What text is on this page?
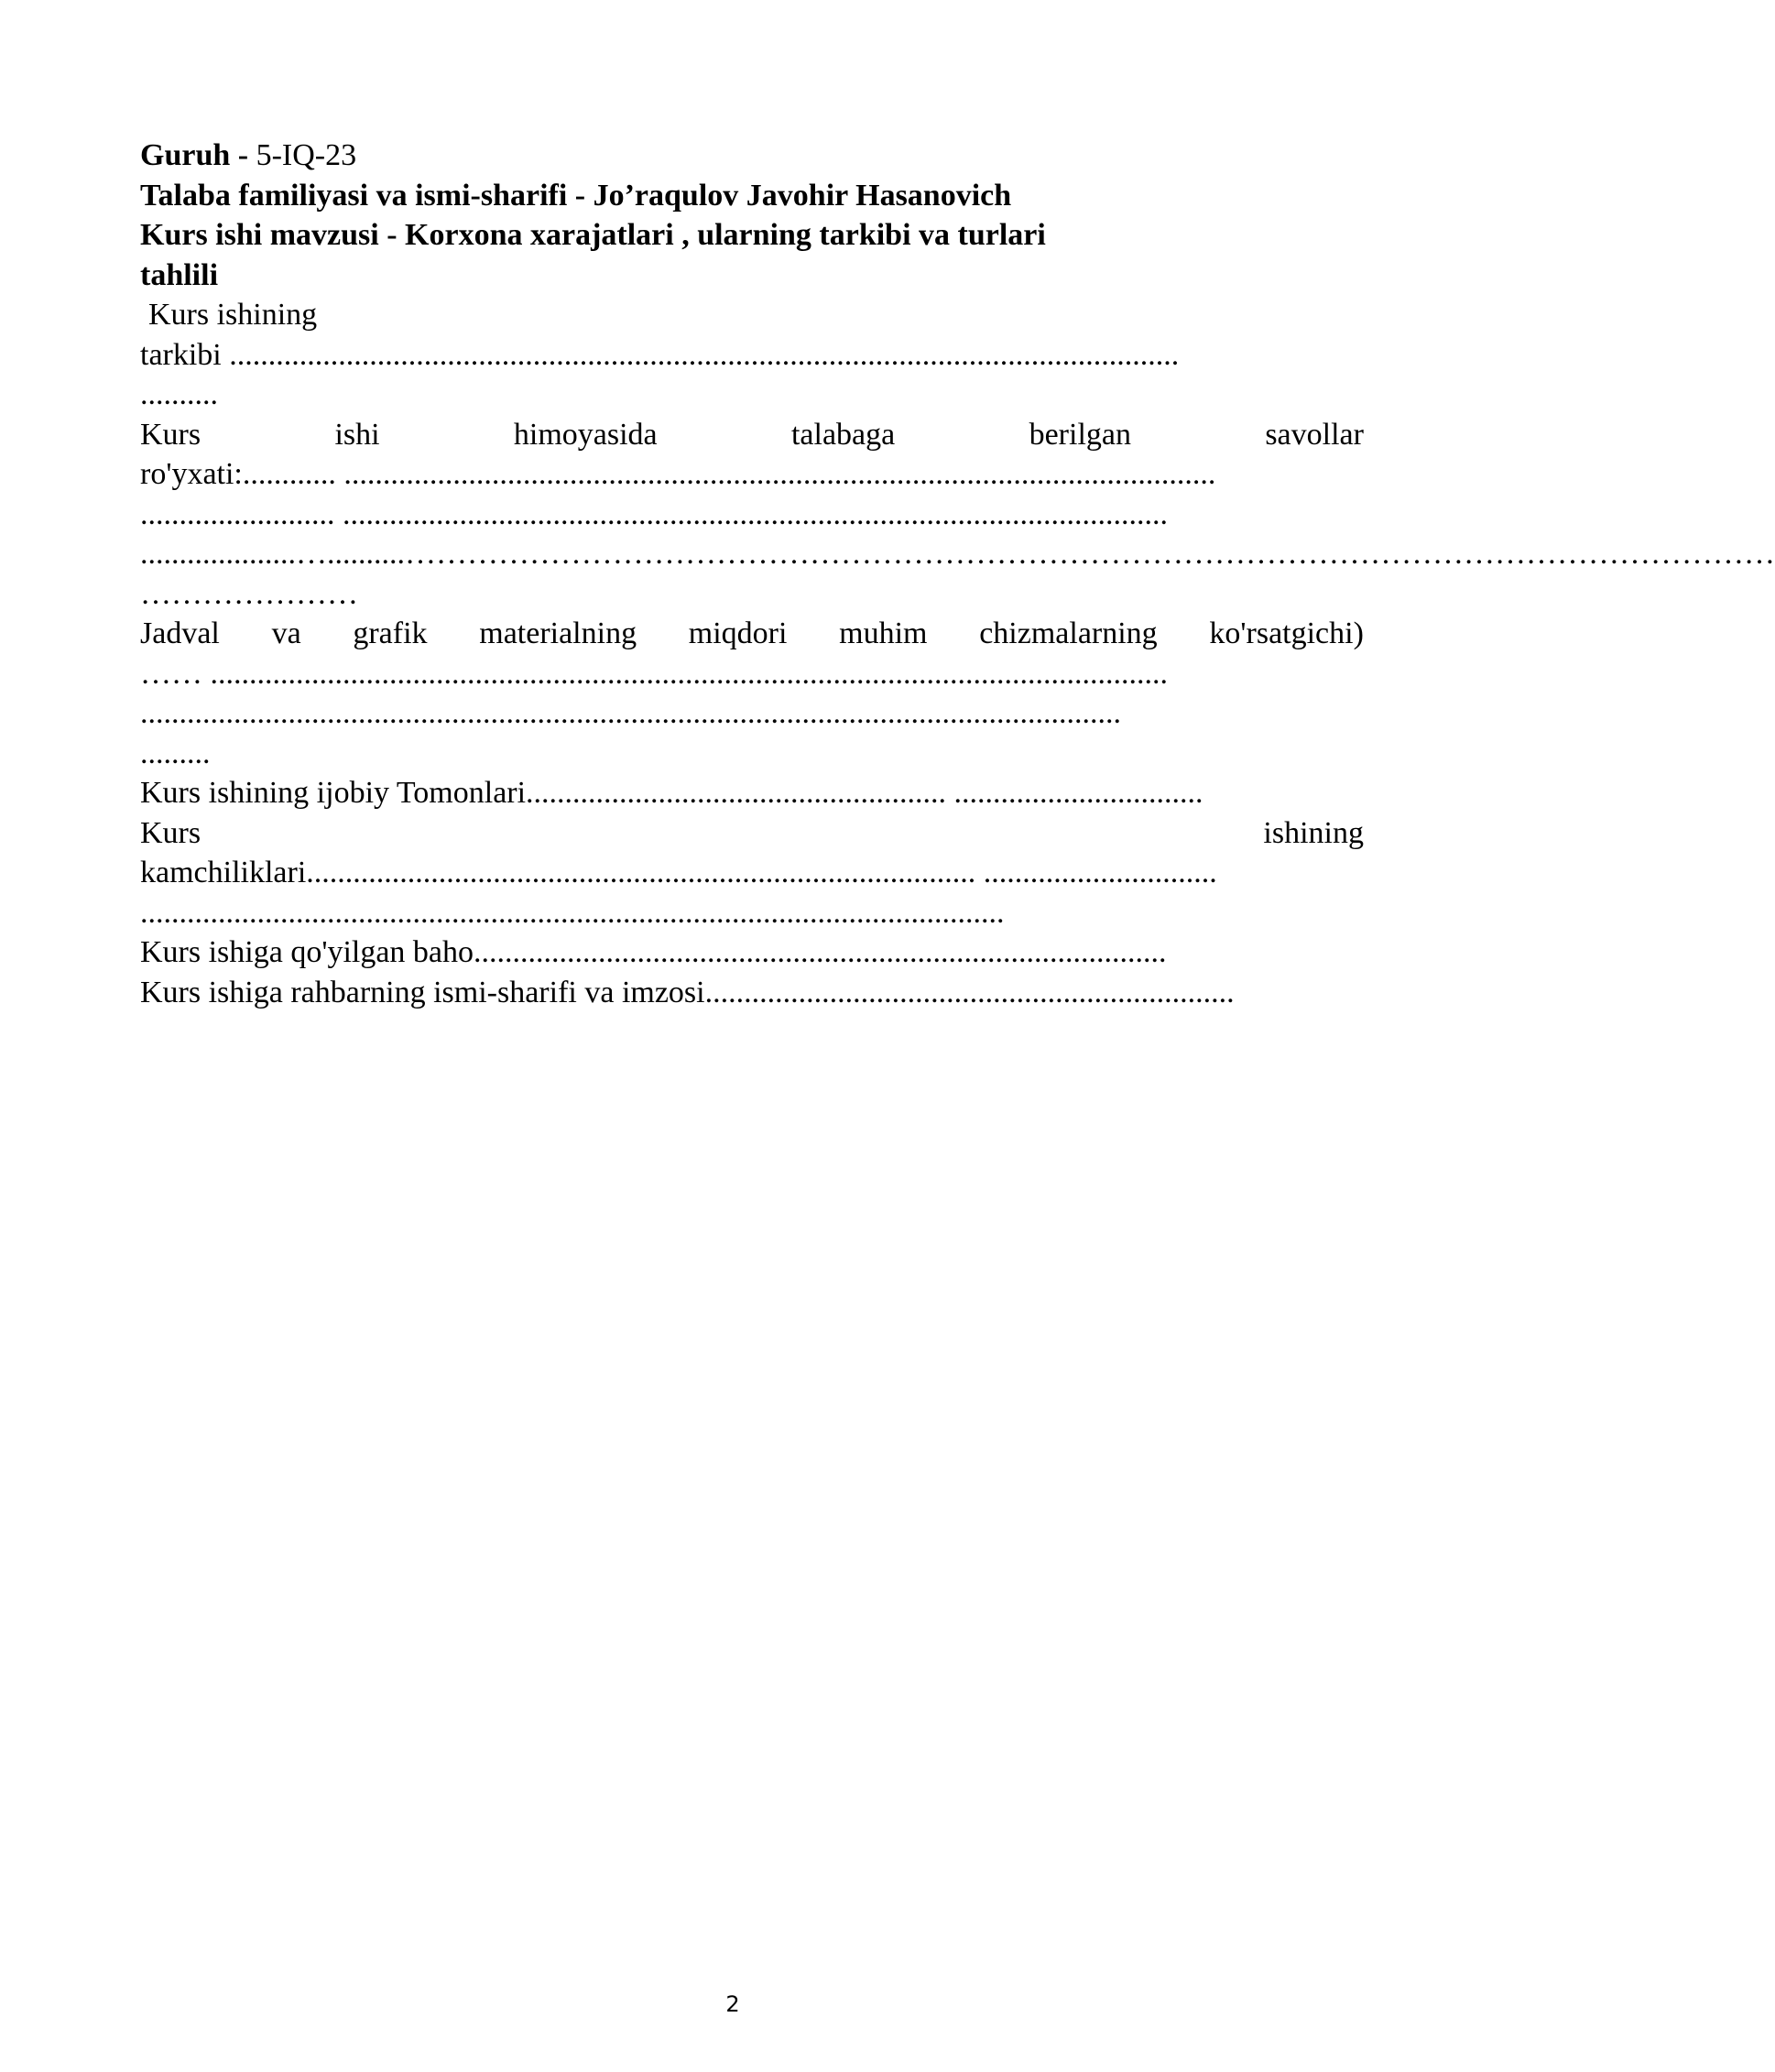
Guruh - 5-IQ-23
Talaba familiyasi va ismi-sharifi - Jo’raqulov Javohir Hasanovich
Kurs ishi mavzusi - Korxona xarajatlari , ularning tarkibi va turlari
tahlili
Kurs ishining
tarkibi ..........................................................................................................................
..........
Kurs	ishi	himoyasida	talabaga	berilgan	savollar
ro'yxati:............ ................................................................................................................
......................... ..........................................................................................................
....................…..........……………………………………………………………………………………………………………………
…………………
Jadval va grafik materialning miqdori muhim chizmalarning ko'rsatgichi)
…… ...........................................................................................................................
..............................................................................................................................
.........
Kurs ishining ijobiy Tomonlari...................................................... ................................
Kurs	ishining
kamchiliklari...................................................................................... ..............................
...............................................................................................................
Kurs ishiga qo'yilgan baho.........................................................................................
Kurs ishiga rahbarning ismi-sharifi va imzosi....................................................................
2
